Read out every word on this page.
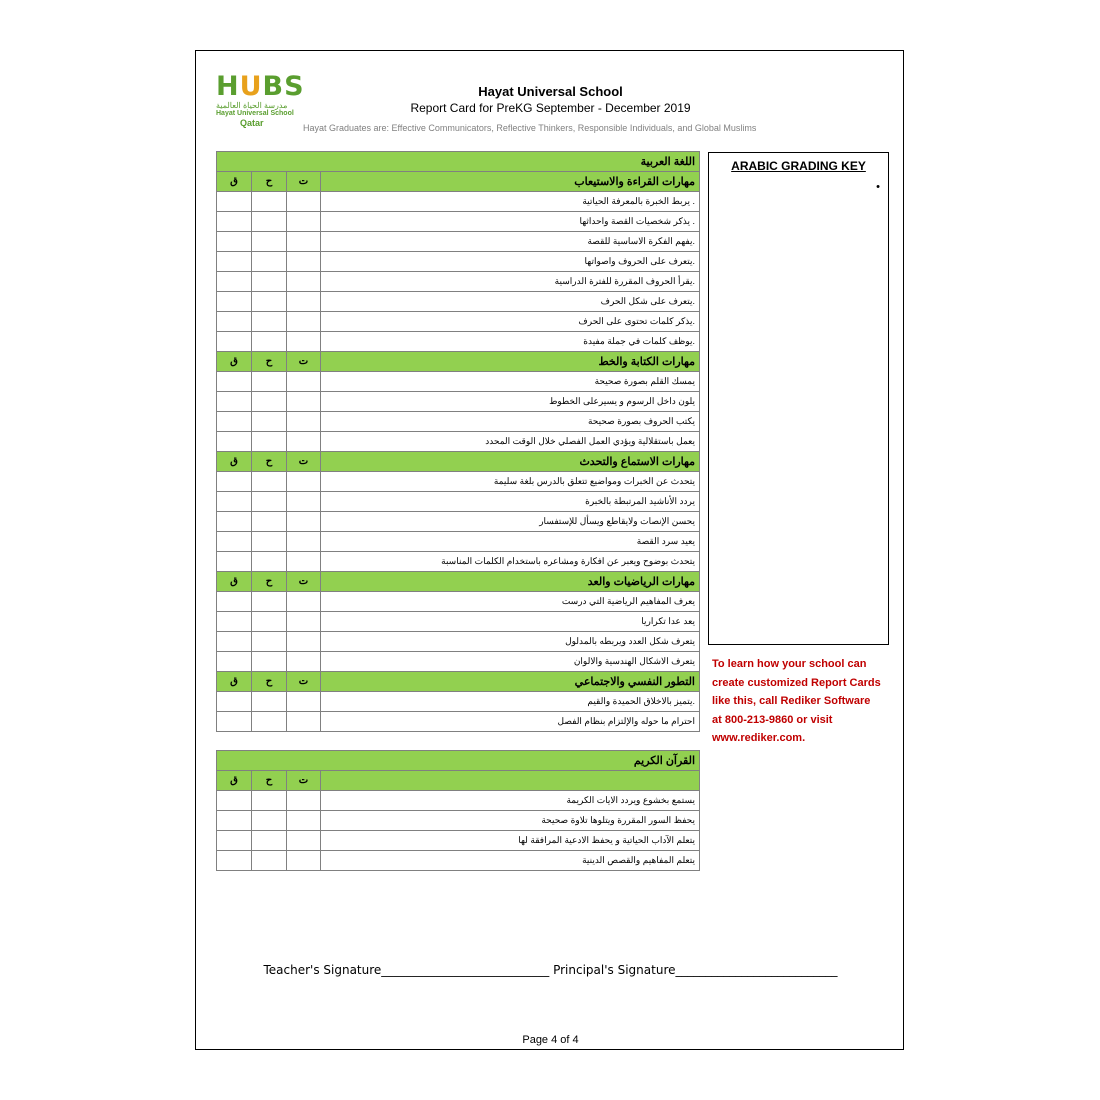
HUBS
مدرسة الحياة العالمية
Hayat Universal School
Qatar
Hayat Universal School
Report Card for PreKG September - December 2019
Hayat Graduates are: Effective Communicators, Reflective Thinkers, Responsible Individuals, and Global Muslims
اللغة العربية			
ق	ح	ت	مهارات القراءة والاستيعاب
			. يربط الخبرة بالمعرفة الحياتية
			. يذكر شخصيات القصة واحداثها
			.يفهم الفكرة الاساسية للقصة
			.يتعرف على الحروف واصواتها
			.يقرأ الحروف المقررة للفترة الدراسية
			.يتعرف على شكل الحرف
			.يذكر كلمات تحتوى على الحرف
			.يوظف كلمات في جملة مفيدة
ق	ح	ت	مهارات الكتابة والخط
			يمسك القلم بصورة صحيحة
			يلون داخل الرسوم و يسيرعلى الخطوط
			يكتب الحروف بصورة صحيحة
			يعمل باستقلالية ويؤدي العمل الفصلي خلال الوقت المحدد
ق	ح	ت	مهارات الاستماع والتحدث
			يتحدث عن الخبرات ومواضيع تتعلق بالدرس بلغة سليمة
			يردد الأناشيد المرتبطة بالخبرة
			يحسن الإنصات ولايقاطع ويسأل للإستفسار
			يعيد سرد القصة
			يتحدث بوضوح ويعبر عن افكارة ومشاعره باستخدام الكلمات المناسبة
ق	ح	ت	مهارات الرياضيات والعد
			يعرف المفاهيم الرياضية التي درست
			يعد عدا تكراريا
			يتعرف شكل العدد ويربطه بالمدلول
			يتعرف الاشكال الهندسية والالوان
ق	ح	ت	التطور النفسي والاجتماعي
			.يتميز بالاخلاق الحميدة والقيم
			احترام ما حوله والإلتزام بنظام الفصل
القرآن الكريم			
ق	ح	ت	
			يستمع بخشوع ويردد الايات الكريمة
			يحفظ السور المقررة ويتلوها تلاوة صحيحة
			يتعلم الآداب الحياتية و يحفظ الادعية المرافقة لها
			يتعلم المفاهيم والقصص الدينية
ARABIC GRADING KEY
•
To learn how your school can
create customized Report Cards
like this, call Rediker Software
at 800-213-9860 or visit
www.rediker.com.
Teacher's Signature____________________________ Principal's Signature___________________________
Page 4 of 4
